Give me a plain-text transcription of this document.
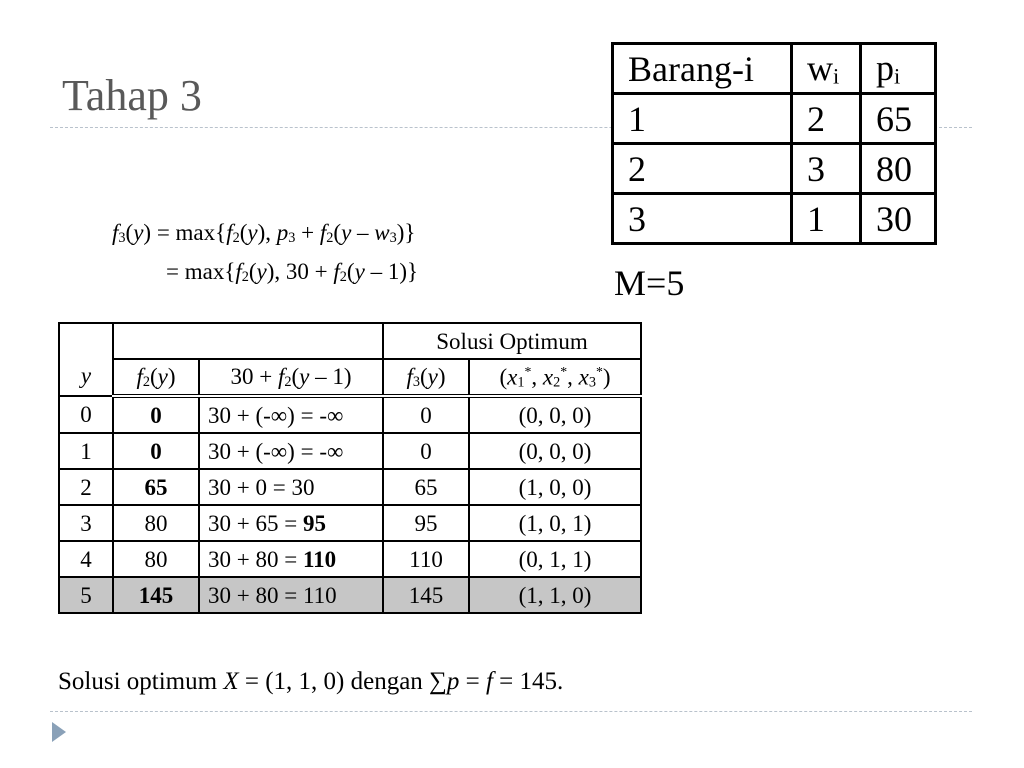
Tahap 3
Barang-i	$w_i$	$p_i$
1	2	65
2	3	80
3	1	30
M=5
$f_3(y) = \max\{f_2(y)$, $p_3 + f_2(y - w_3)$}
= $\max\{f_2(y)$, $30 + f_2(y - 1)$}
y			Solusi Optimum	
	$f_2(y)$	$30 + f_2(y - 1)$	$f_3(y)$	($x_1^*$, $x_2^*$, $x_3^*$)
0	0	30 + (-∞) = -∞	0	(0, 0, 0)
1	0	30 + (-∞) = -∞	0	(0, 0, 0)
2	65	30 + 0 = 30	65	(1, 0, 0)
3	80	30 + 65 = 95	95	(1, 0, 1)
4	80	30 + 80 = 110	110	(0, 1, 1)
5	145	30 + 80 = 110	145	(1, 1, 0)
Solusi optimum X = (1, 1, 0) dengan ∑p = f = 145.
